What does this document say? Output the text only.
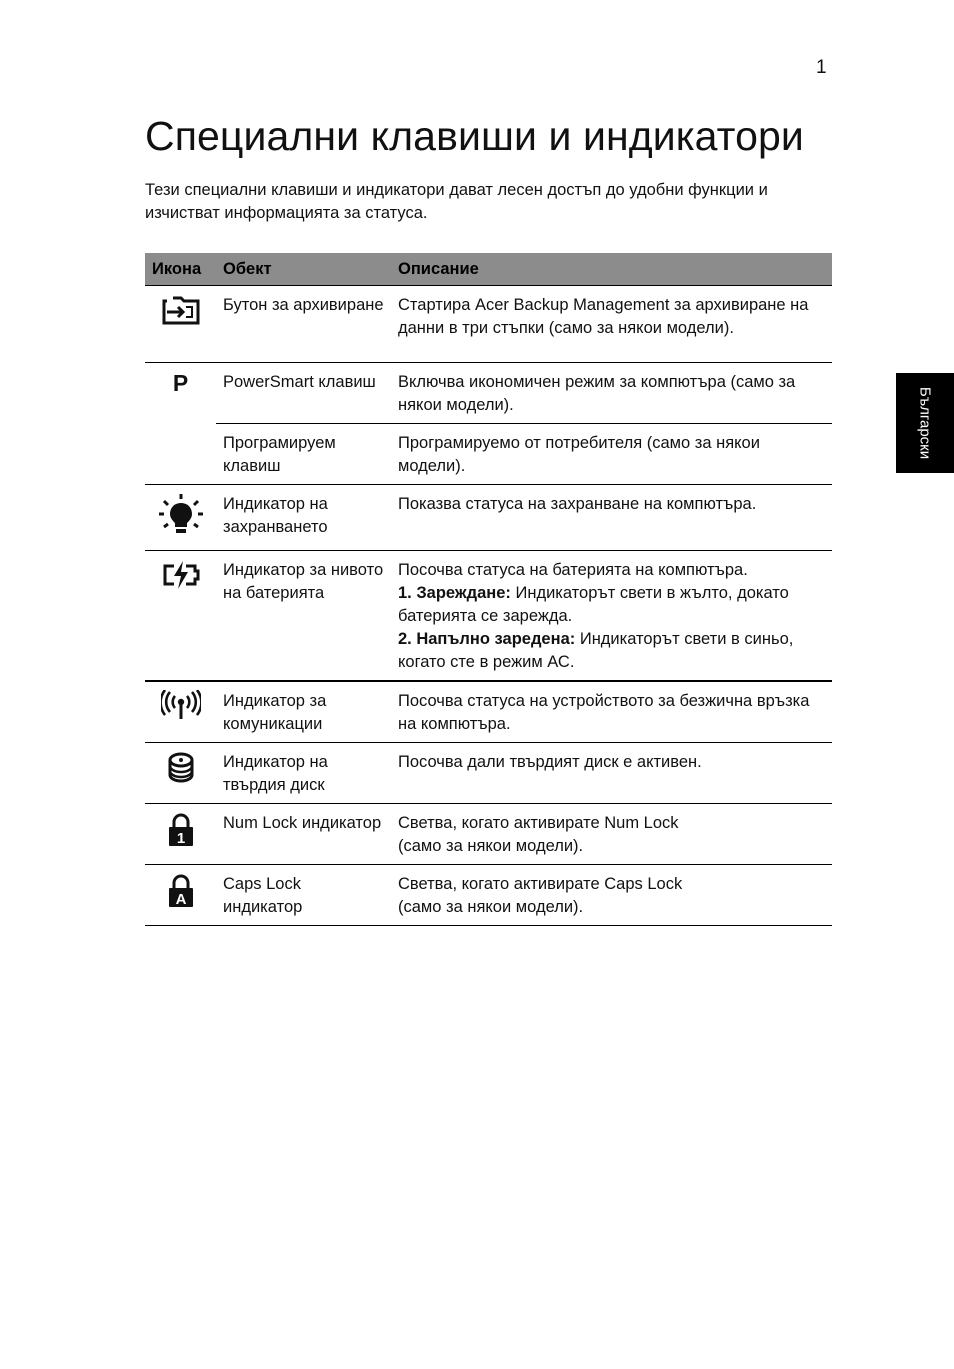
1
Специални клавиши и индикатори

Тези специални клавиши и индикатори дават лесен достъп до удобни функции и изчистват информацията за статуса.

Български
Икона	Обект	Описание
	Бутон за архивиране	Стартира Acer Backup Management за архивиране на данни в три стъпки (само за някои модели).
P	PowerSmart клавиш	Включва икономичен режим за компютъра (само за някои модели).
	Програмируем клавиш	Програмируемо от потребителя (само за някои модели).
	Индикатор на захранването	Показва статуса на захранване на компютъра.
	Индикатор за нивото на батерията	Посочва статуса на батерията на компютъра.
1. Зареждане: Индикаторът свети в жълто, докато батерията се зарежда.
2. Напълно заредена: Индикаторът свети в синьо, когато сте в режим АС.

	Индикатор за комуникации	Посочва статуса на устройството за безжична връзка на компютъра.
	Индикатор на твърдия диск	Посочва дали твърдият диск е активен.

1	Num Lock индикатор	Светва, когато активирате Num Lock
(само за някои модели).

A	Caps Lock индикатор	Светва, когато активирате Caps Lock
(само за някои модели).
